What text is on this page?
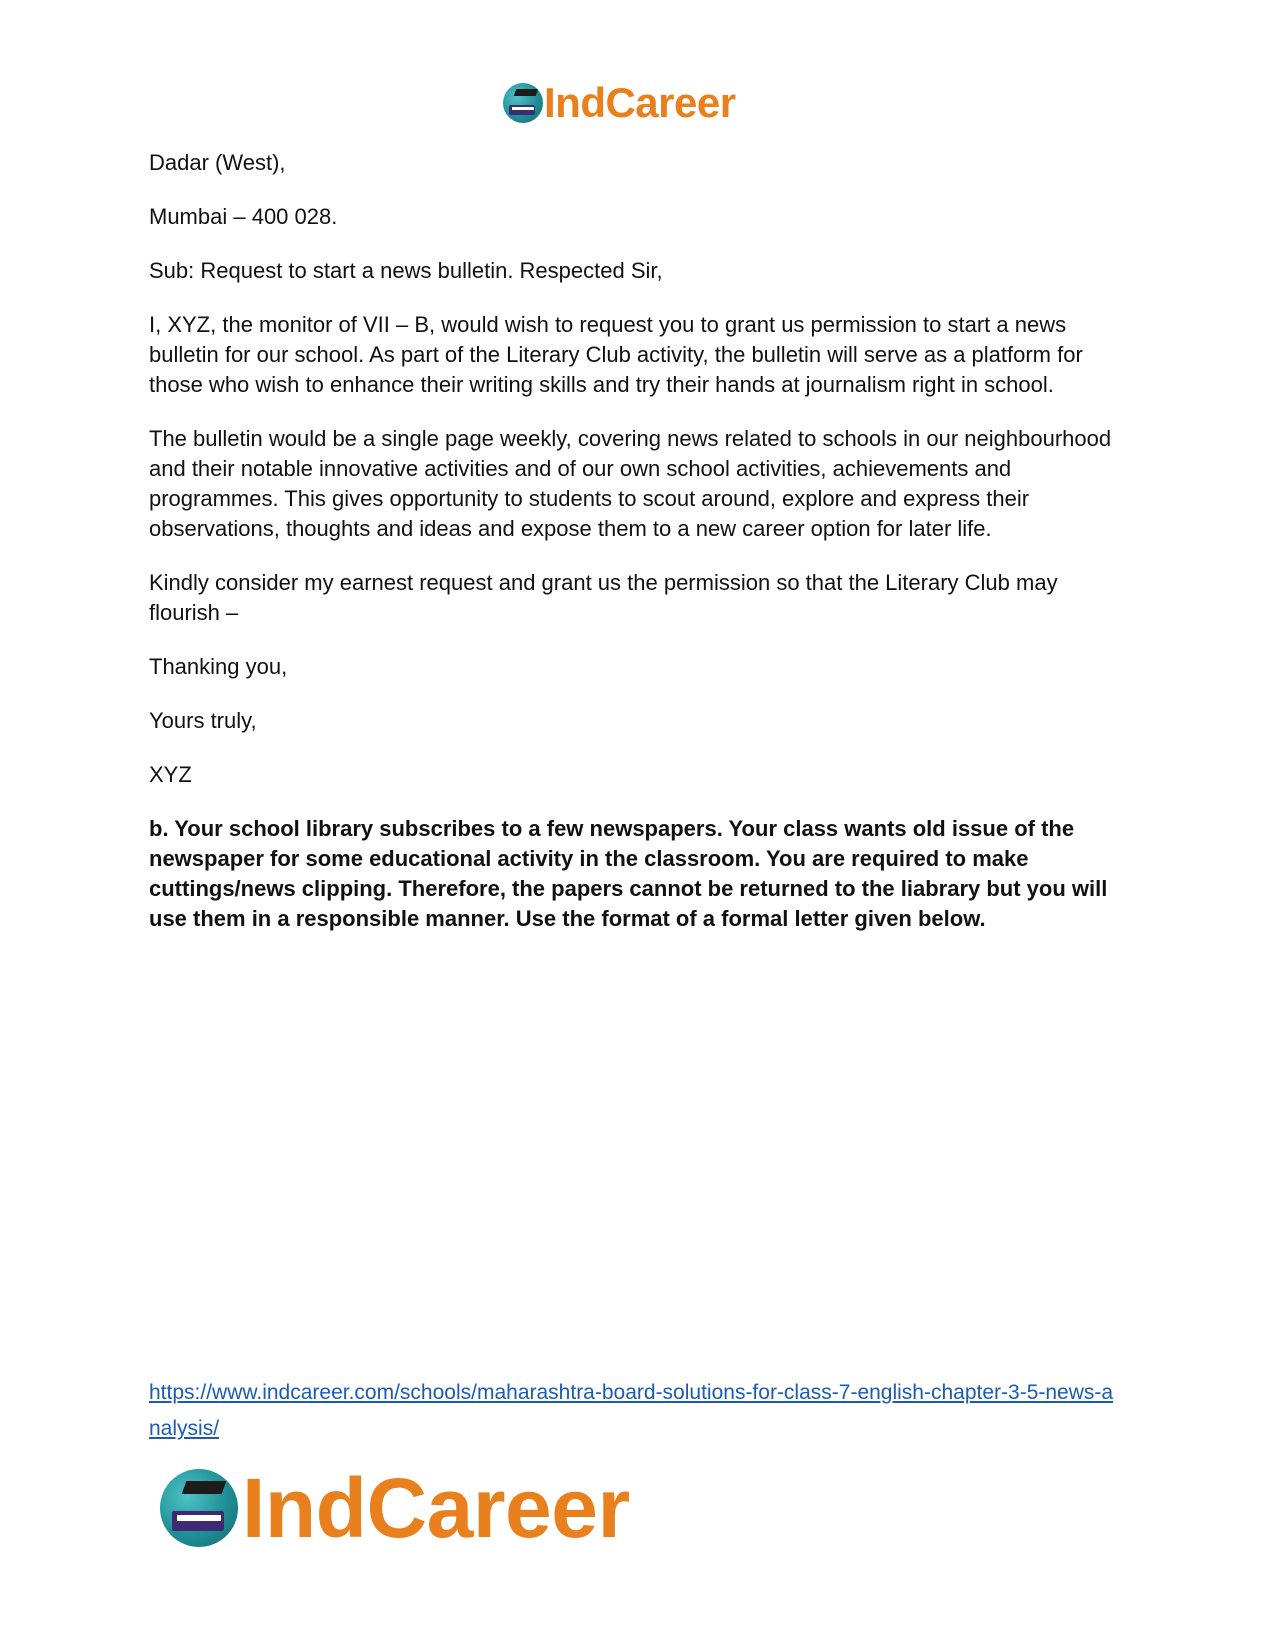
IndCareer

Dadar (West),

Mumbai – 400 028.

Sub: Request to start a news bulletin. Respected Sir,

I, XYZ, the monitor of VII – B, would wish to request you to grant us permission to start a news bulletin for our school. As part of the Literary Club activity, the bulletin will serve as a platform for those who wish to enhance their writing skills and try their hands at journalism right in school.

The bulletin would be a single page weekly, covering news related to schools in our neighbourhood and their notable innovative activities and of our own school activities, achievements and programmes. This gives opportunity to students to scout around, explore and express their observations, thoughts and ideas and expose them to a new career option for later life.

Kindly consider my earnest request and grant us the permission so that the Literary Club may flourish –

Thanking you,

Yours truly,

XYZ

b. Your school library subscribes to a few newspapers. Your class wants old issue of the newspaper for some educational activity in the classroom. You are required to make cuttings/news clipping. Therefore, the papers cannot be returned to the liabrary but you will use them in a responsible manner. Use the format of a formal letter given below.

https://www.indcareer.com/schools/maharashtra-board-solutions-for-class-7-english-chapter-3-5-news-analysis/
IndCareer
